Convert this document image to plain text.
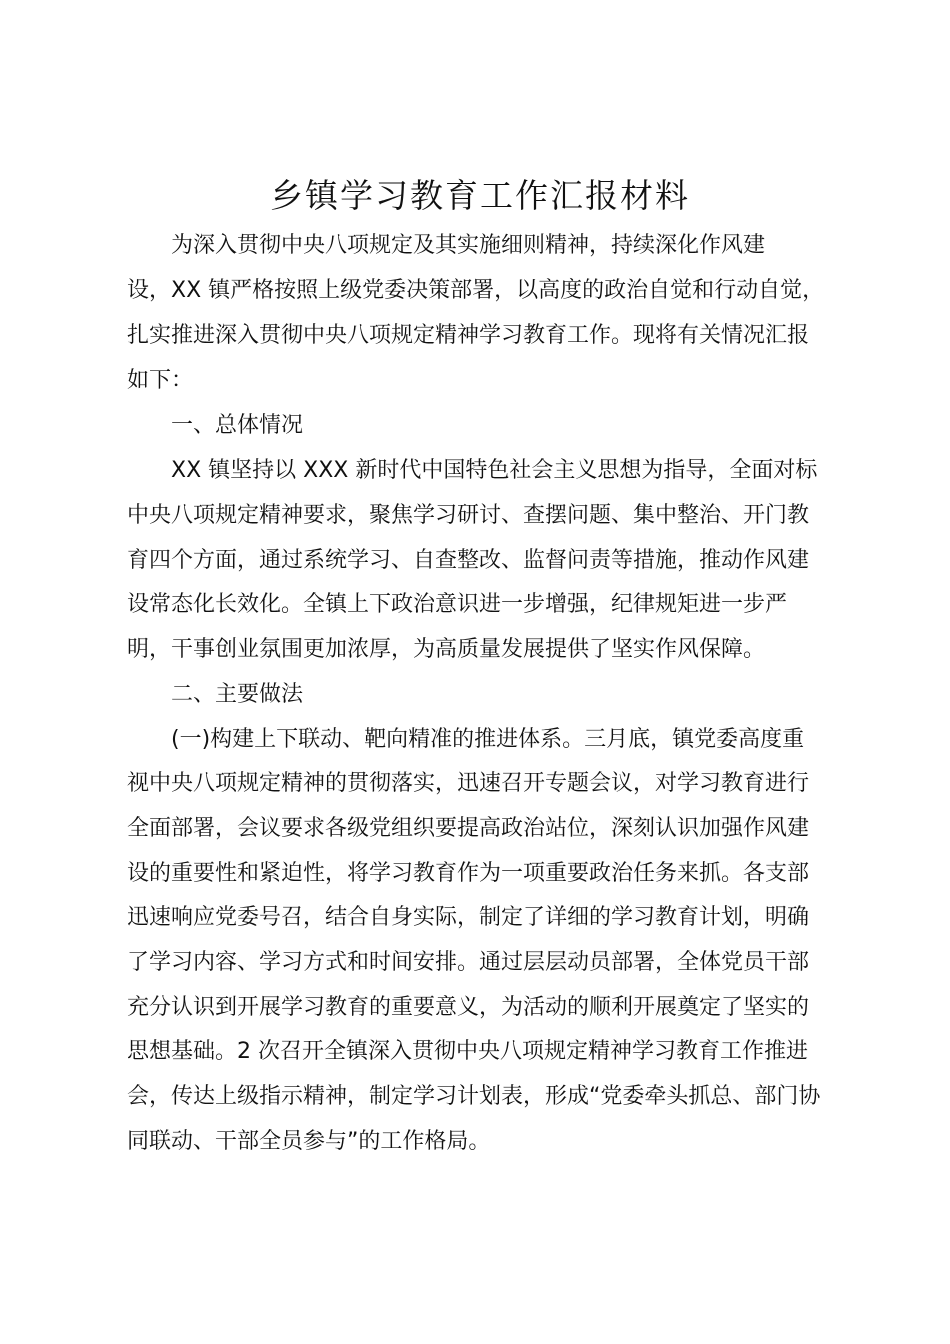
乡镇学习教育工作汇报材料

为深入贯彻中央八项规定及其实施细则精神，持续深化作风建

设，XX 镇严格按照上级党委决策部署，以高度的政治自觉和行动自觉，

扎实推进深入贯彻中央八项规定精神学习教育工作。现将有关情况汇报

如下：

一、总体情况

XX 镇坚持以 XXX 新时代中国特色社会主义思想为指导，全面对标

中央八项规定精神要求，聚焦学习研讨、查摆问题、集中整治、开门教

育四个方面，通过系统学习、自查整改、监督问责等措施，推动作风建

设常态化长效化。全镇上下政治意识进一步增强，纪律规矩进一步严

明，干事创业氛围更加浓厚，为高质量发展提供了坚实作风保障。

二、主要做法

(一)构建上下联动、靶向精准的推进体系。三月底，镇党委高度重

视中央八项规定精神的贯彻落实，迅速召开专题会议，对学习教育进行

全面部署，会议要求各级党组织要提高政治站位，深刻认识加强作风建

设的重要性和紧迫性，将学习教育作为一项重要政治任务来抓。各支部

迅速响应党委号召，结合自身实际，制定了详细的学习教育计划，明确

了学习内容、学习方式和时间安排。通过层层动员部署，全体党员干部

充分认识到开展学习教育的重要意义，为活动的顺利开展奠定了坚实的

思想基础。2 次召开全镇深入贯彻中央八项规定精神学习教育工作推进

会，传达上级指示精神，制定学习计划表，形成“党委牵头抓总、部门协

同联动、干部全员参与”的工作格局。
